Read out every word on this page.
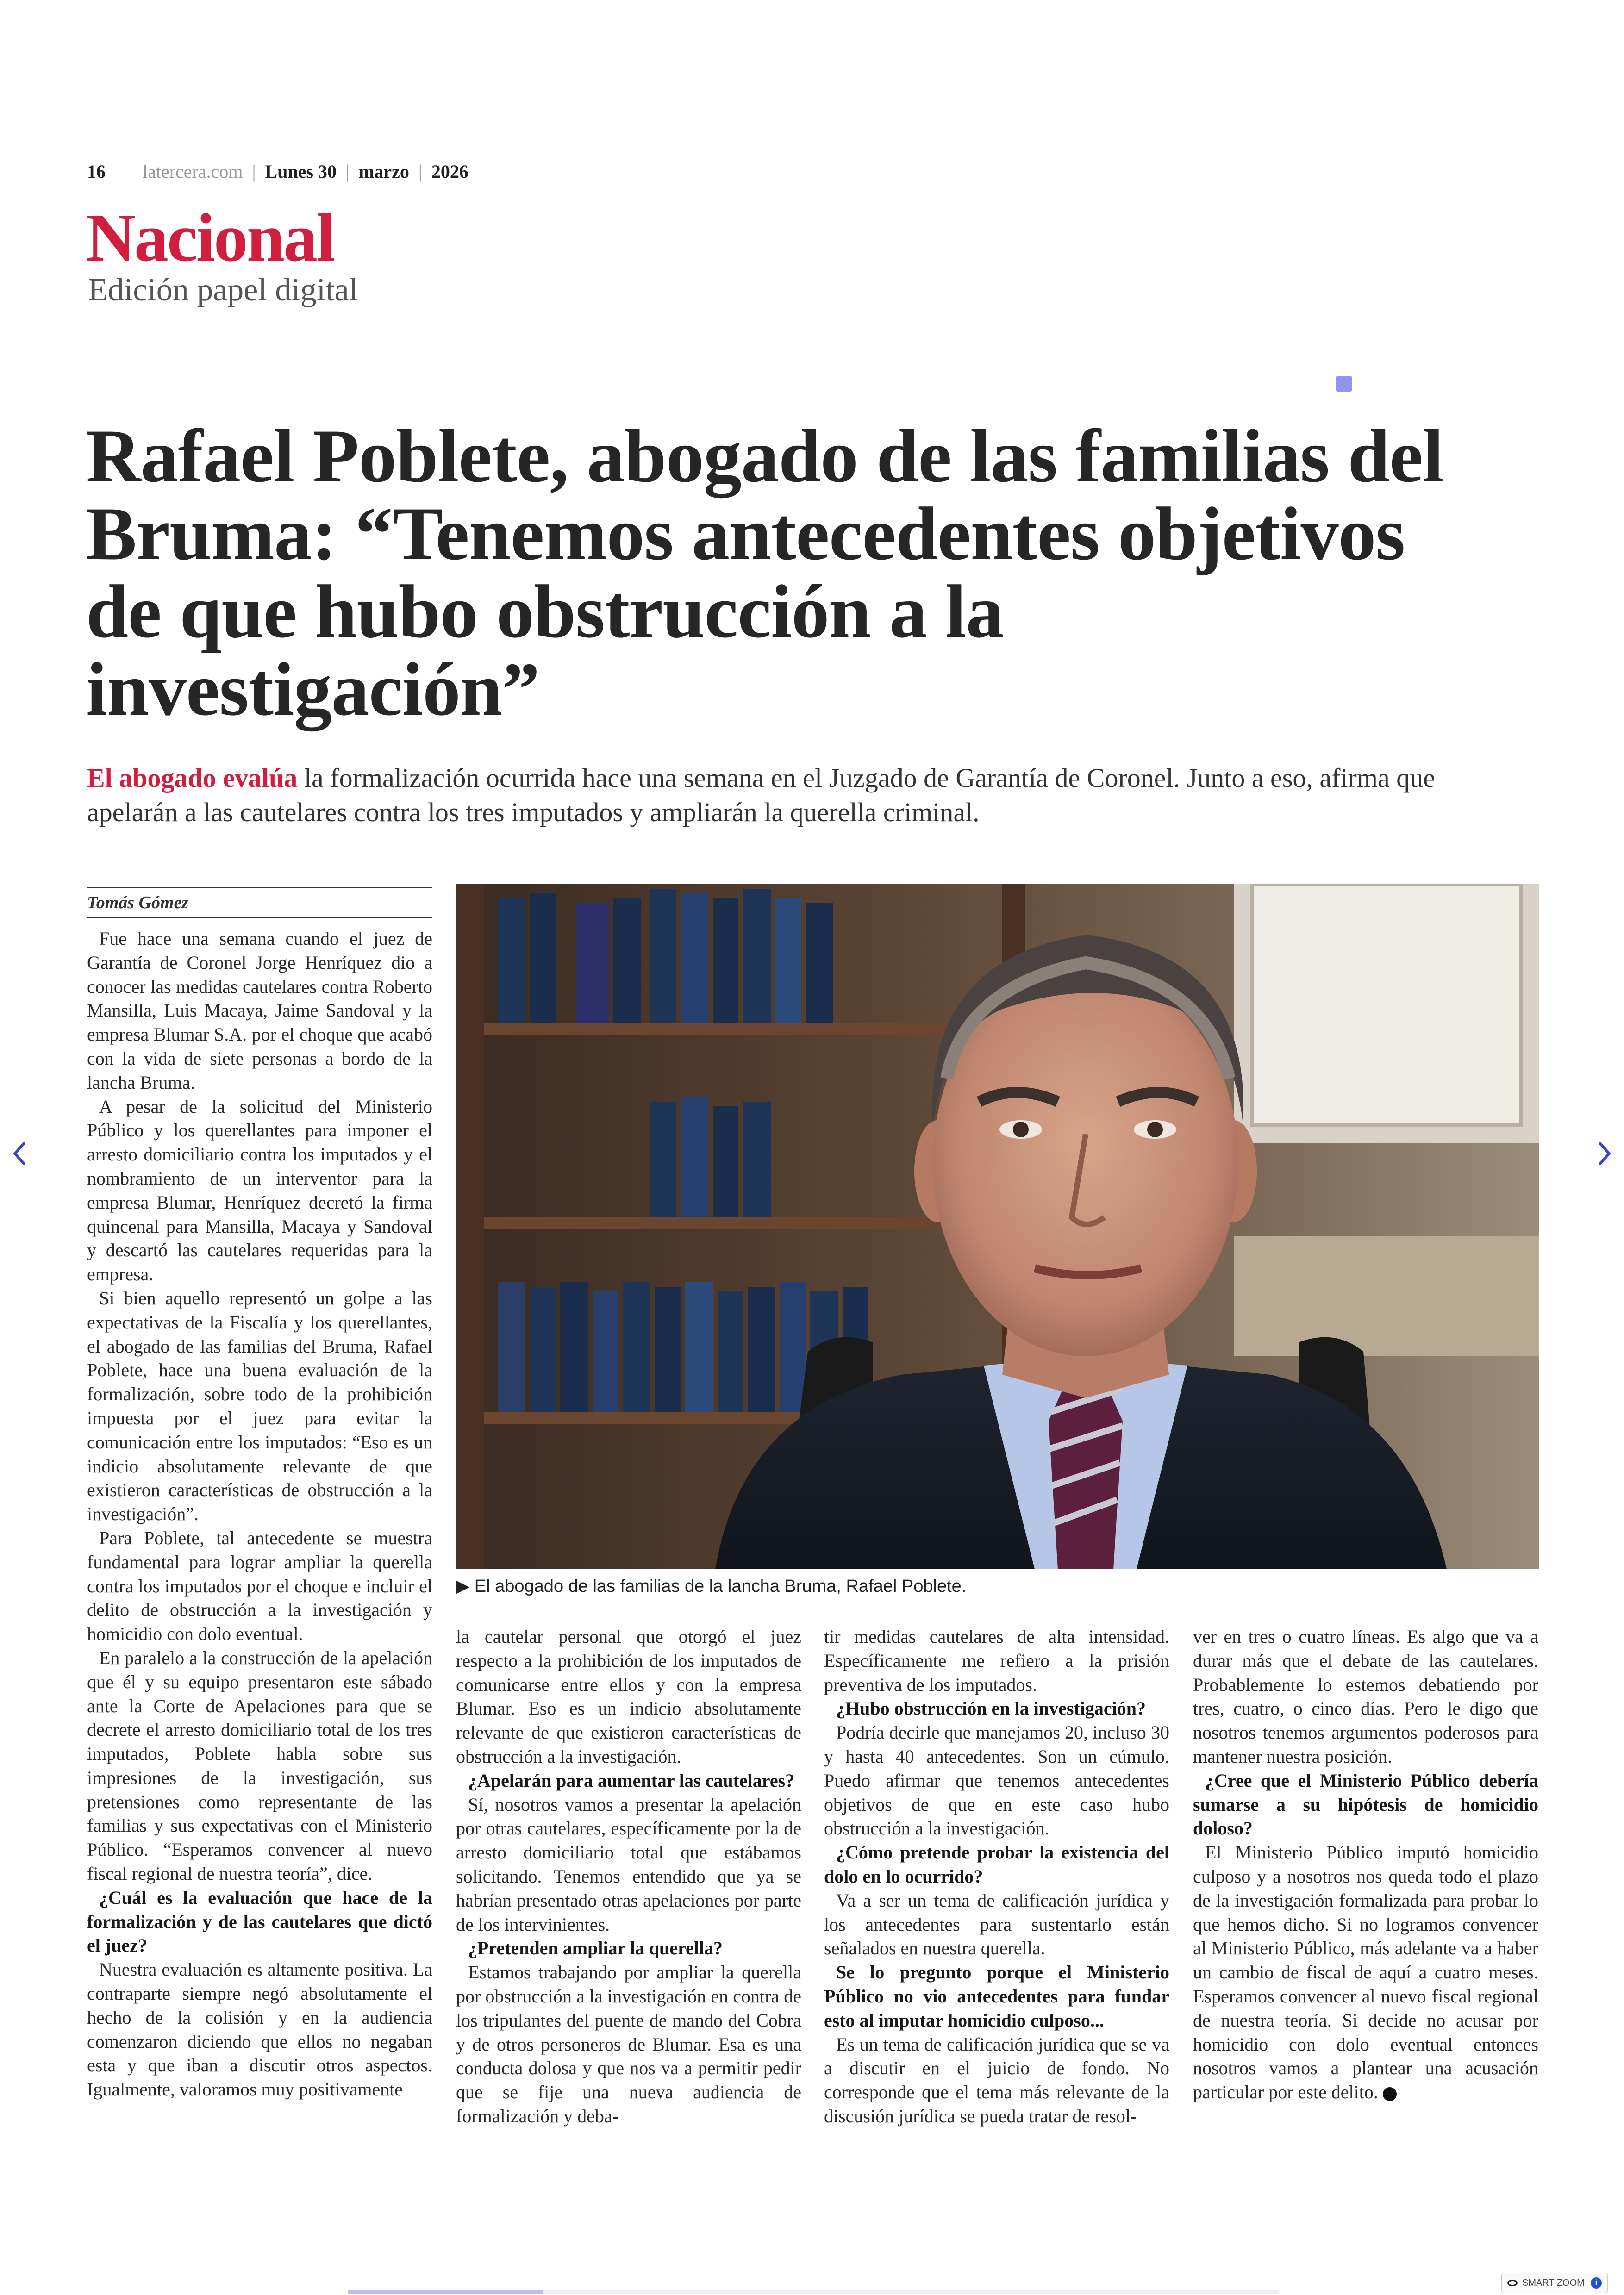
16 latercera.com | Lunes 30 | marzo | 2026
Nacional
Edición papel digital
Rafael Poblete, abogado de las familias del Bruma: “Tenemos antecedentes objetivos de que hubo obstrucción a la investigación”
El abogado evalúa la formalización ocurrida hace una semana en el Juzgado de Garantía de Coronel. Junto a eso, afirma que apelarán a las cautelares contra los tres imputados y ampliarán la querella criminal.
Tomás Gómez
▶ El abogado de las familias de la lancha Bruma, Rafael Poblete.

Fue hace una semana cuando el juez de Garantía de Coronel Jorge Henríquez dio a conocer las medidas cautelares contra Roberto Mansilla, Luis Macaya, Jaime Sandoval y la empresa Blumar S.A. por el choque que acabó con la vida de siete personas a bordo de la lancha Bruma.

A pesar de la solicitud del Ministerio Público y los querellantes para imponer el arresto domiciliario contra los imputados y el nombramiento de un interventor para la empresa Blumar, Henríquez decretó la firma quincenal para Mansilla, Macaya y Sandoval y descartó las cautelares requeridas para la empresa.

Si bien aquello representó un golpe a las expectativas de la Fiscalía y los querellantes, el abogado de las familias del Bruma, Rafael Poblete, hace una buena evaluación de la formalización, sobre todo de la prohibición impuesta por el juez para evitar la comunicación entre los imputados: “Eso es un indicio absolutamente relevante de que existieron características de obstrucción a la investigación”.

Para Poblete, tal antecedente se muestra fundamental para lograr ampliar la querella contra los imputados por el choque e incluir el delito de obstrucción a la investigación y homicidio con dolo eventual.

En paralelo a la construcción de la apelación que él y su equipo presentaron este sábado ante la Corte de Apelaciones para que se decrete el arresto domiciliario total de los tres imputados, Poblete habla sobre sus impresiones de la investigación, sus pretensiones como representante de las familias y sus expectativas con el Ministerio Público. “Esperamos convencer al nuevo fiscal regional de nuestra teoría”, dice.

¿Cuál es la evaluación que hace de la formalización y de las cautelares que dictó el juez?

Nuestra evaluación es altamente positiva. La contraparte siempre negó absolutamente el hecho de la colisión y en la audiencia comenzaron diciendo que ellos no negaban esta y que iban a discutir otros aspectos. Igualmente, valoramos muy positivamente

la cautelar personal que otorgó el juez respecto a la prohibición de los imputados de comunicarse entre ellos y con la empresa Blumar. Eso es un indicio absolutamente relevante de que existieron características de obstrucción a la investigación.

¿Apelarán para aumentar las cautelares?

Sí, nosotros vamos a presentar la apelación por otras cautelares, específicamente por la de arresto domiciliario total que estábamos solicitando. Tenemos entendido que ya se habrían presentado otras apelaciones por parte de los intervinientes.

¿Pretenden ampliar la querella?

Estamos trabajando por ampliar la querella por obstrucción a la investigación en contra de los tripulantes del puente de mando del Cobra y de otros personeros de Blumar. Esa es una conducta dolosa y que nos va a permitir pedir que se fije una nueva audiencia de formalización y deba-

tir medidas cautelares de alta intensidad. Específicamente me refiero a la prisión preventiva de los imputados.

¿Hubo obstrucción en la investigación?

Podría decirle que manejamos 20, incluso 30 y hasta 40 antecedentes. Son un cúmulo. Puedo afirmar que tenemos antecedentes objetivos de que en este caso hubo obstrucción a la investigación.

¿Cómo pretende probar la existencia del dolo en lo ocurrido?

Va a ser un tema de calificación jurídica y los antecedentes para sustentarlo están señalados en nuestra querella.

Se lo pregunto porque el Ministerio Público no vio antecedentes para fundar esto al imputar homicidio culposo...

Es un tema de calificación jurídica que se va a discutir en el juicio de fondo. No corresponde que el tema más relevante de la discusión jurídica se pueda tratar de resol-

ver en tres o cuatro líneas. Es algo que va a durar más que el debate de las cautelares. Probablemente lo estemos debatiendo por tres, cuatro, o cinco días. Pero le digo que nosotros tenemos argumentos poderosos para mantener nuestra posición.

¿Cree que el Ministerio Público debería sumarse a su hipótesis de homicidio doloso?

El Ministerio Público imputó homicidio culposo y a nosotros nos queda todo el plazo de la investigación formalizada para probar lo que hemos dicho. Si no logramos convencer al Ministerio Público, más adelante va a haber un cambio de fiscal de aquí a cuatro meses. Esperamos convencer al nuevo fiscal regional de nuestra teoría. Si decide no acusar por homicidio con dolo eventual entonces nosotros vamos a plantear una acusación particular por este delito.

SMART ZOOM	i
